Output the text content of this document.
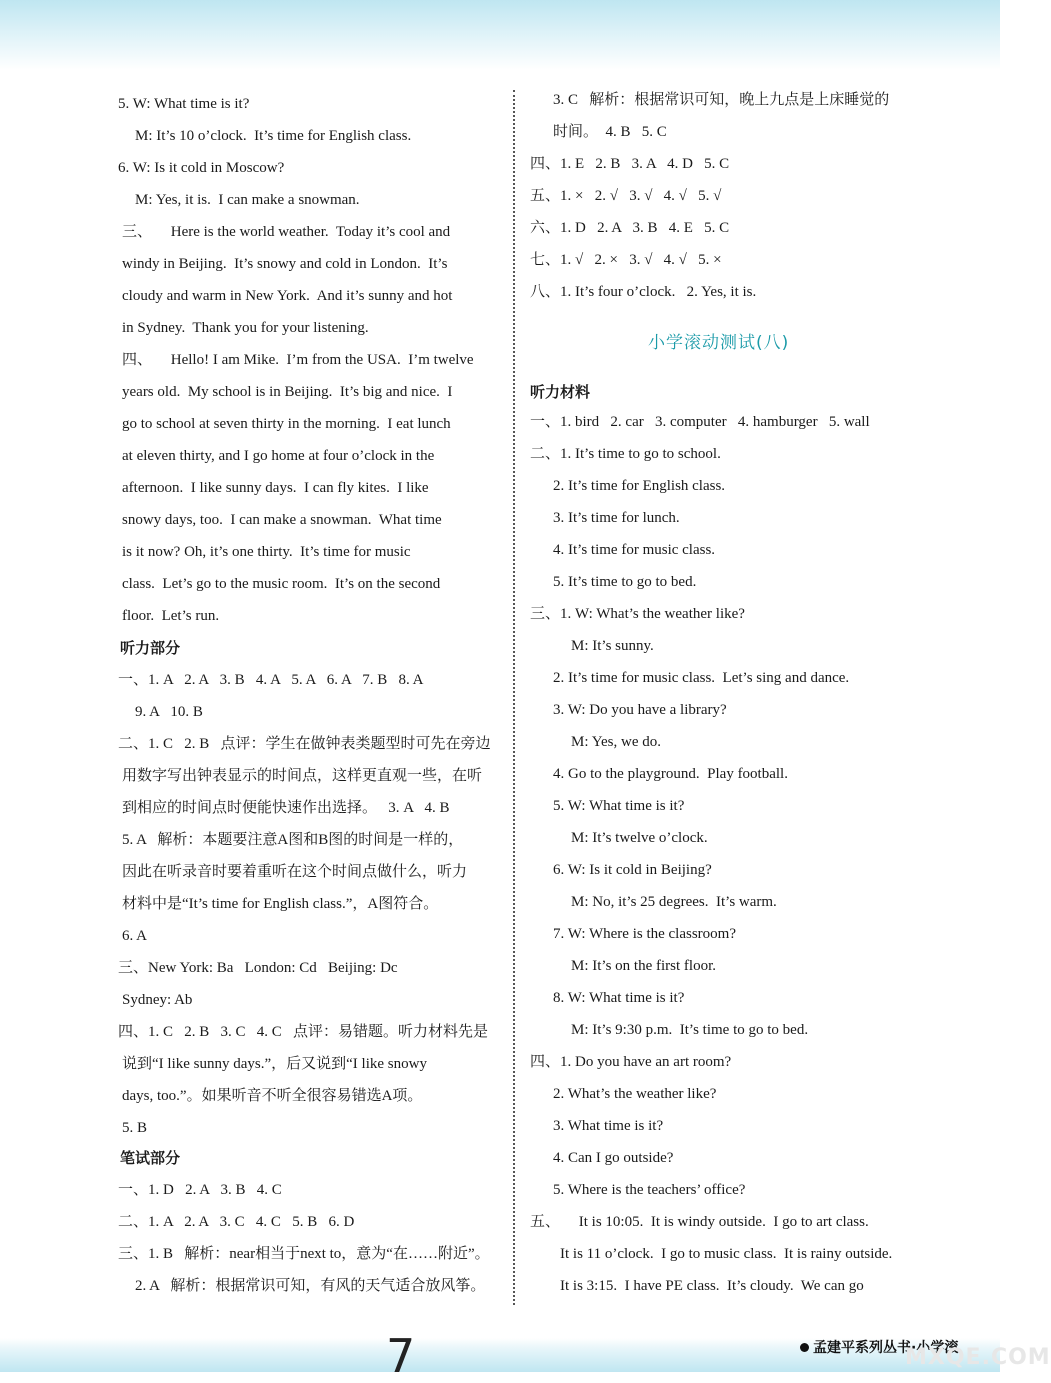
5. W: What time is it?
M: It’s 10 o’clock.  It’s time for English class.
6. W: Is it cold in Moscow?
M: Yes, it is.  I can make a snowman.
三、     Here is the world weather.  Today it’s cool and
windy in Beijing.  It’s snowy and cold in London.  It’s
cloudy and warm in New York.  And it’s sunny and hot
in Sydney.  Thank you for your listening.
四、     Hello! I am Mike.  I’m from the USA.  I’m twelve
years old.  My school is in Beijing.  It’s big and nice.  I
go to school at seven thirty in the morning.  I eat lunch
at eleven thirty, and I go home at four o’clock in the
afternoon.  I like sunny days.  I can fly kites.  I like
snowy days, too.  I can make a snowman.  What time
is it now? Oh, it’s one thirty.  It’s time for music
class.  Let’s go to the music room.  It’s on the second
floor.  Let’s run.
听力部分
一、1. A   2. A   3. B   4. A   5. A   6. A   7. B   8. A
9. A   10. B
二、1. C   2. B   点评：学生在做钟表类题型时可先在旁边
用数字写出钟表显示的时间点，这样更直观一些，在听
到相应的时间点时便能快速作出选择。   3. A   4. B
5. A   解析：本题要注意A图和B图的时间是一样的，
因此在听录音时要着重听在这个时间点做什么，听力
材料中是“It’s time for English class.”，A图符合。
6. A
三、New York: Ba   London: Cd   Beijing: Dc
Sydney: Ab
四、1. C   2. B   3. C   4. C   点评：易错题。听力材料先是
说到“I like sunny days.”，后又说到“I like snowy
days, too.”。如果听音不听全很容易错选A项。
5. B
笔试部分
一、1. D   2. A   3. B   4. C
二、1. A   2. A   3. C   4. C   5. B   6. D
三、1. B   解析：near相当于next to，意为“在……附近”。
2. A   解析：根据常识可知，有风的天气适合放风筝。
3. C   解析：根据常识可知，晚上九点是上床睡觉的
时间。  4. B   5. C
四、1. E   2. B   3. A   4. D   5. C
五、1. ×   2. √   3. √   4. √   5. √
六、1. D   2. A   3. B   4. E   5. C
七、1. √   2. ×   3. √   4. √   5. ×
八、1. It’s four o’clock.   2. Yes, it is.
听力材料
一、1. bird   2. car   3. computer   4. hamburger   5. wall
二、1. It’s time to go to school.
2. It’s time for English class.
3. It’s time for lunch.
4. It’s time for music class.
5. It’s time to go to bed.
三、1. W: What’s the weather like?
M: It’s sunny.
2. It’s time for music class.  Let’s sing and dance.
3. W: Do you have a library?
M: Yes, we do.
4. Go to the playground.  Play football.
5. W: What time is it?
M: It’s twelve o’clock.
6. W: Is it cold in Beijing?
M: No, it’s 25 degrees.  It’s warm.
7. W: Where is the classroom?
M: It’s on the first floor.
8. W: What time is it?
M: It’s 9:30 p.m.  It’s time to go to bed.
四、1. Do you have an art room?
2. What’s the weather like?
3. What time is it?
4. Can I go outside?
5. Where is the teachers’ office?
五、     It is 10:05.  It is windy outside.  I go to art class.
It is 11 o’clock.  I go to music class.  It is rainy outside.
It is 3:15.  I have PE class.  It’s cloudy.  We can go
小学滚动测试(八)
7	孟建平系列丛书·小学滚
MXQE.COM
